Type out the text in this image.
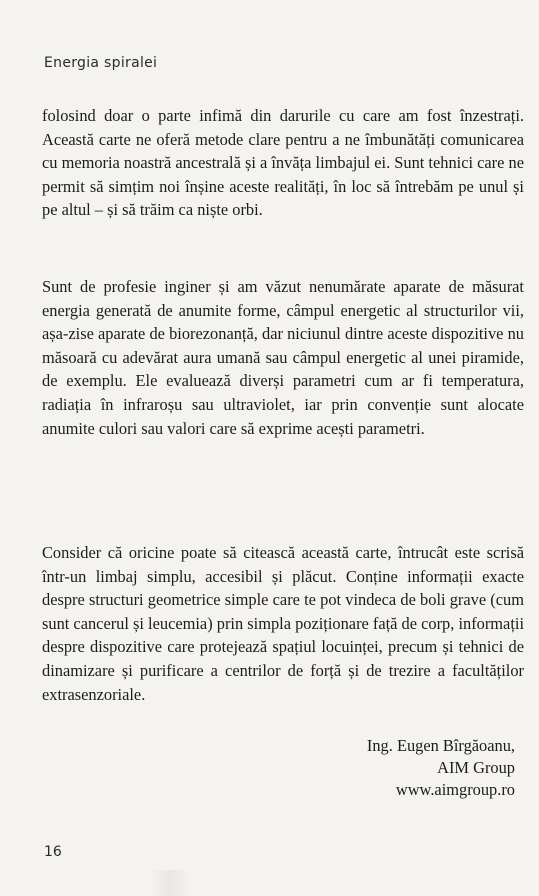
Energia spiralei

folosind doar o parte infimă din darurile cu care am fost înzestrați. Această carte ne oferă metode clare pentru a ne îmbunătăți comunicarea cu memoria noastră ancestrală și a învăța limbajul ei. Sunt tehnici care ne permit să simțim noi înșine aceste realități, în loc să întrebăm pe unul și pe altul – și să trăim ca niște orbi.

Sunt de profesie inginer și am văzut nenumărate aparate de măsurat energia generată de anumite forme, câmpul energetic al structurilor vii, așa-zise aparate de biorezonanță, dar niciunul dintre aceste dispozitive nu măsoară cu adevărat aura umană sau câmpul energetic al unei piramide, de exemplu. Ele evaluează diverși parametri cum ar fi temperatura, radiația în infraroșu sau ultraviolet, iar prin convenție sunt alocate anumite culori sau valori care să exprime acești parametri.

Consider că oricine poate să citească această carte, întrucât este scrisă într-un limbaj simplu, accesibil și plăcut. Conține informații exacte despre structuri geometrice simple care te pot vindeca de boli grave (cum sunt cancerul și leucemia) prin simpla poziționare față de corp, informații despre dispozitive care protejează spațiul locuinței, precum și tehnici de dinamizare și purificare a centrilor de forță și de trezire a facultăților extrasenzoriale.

Ing. Eugen Bîrgăoanu,
AIM Group
www.aimgroup.ro
16
